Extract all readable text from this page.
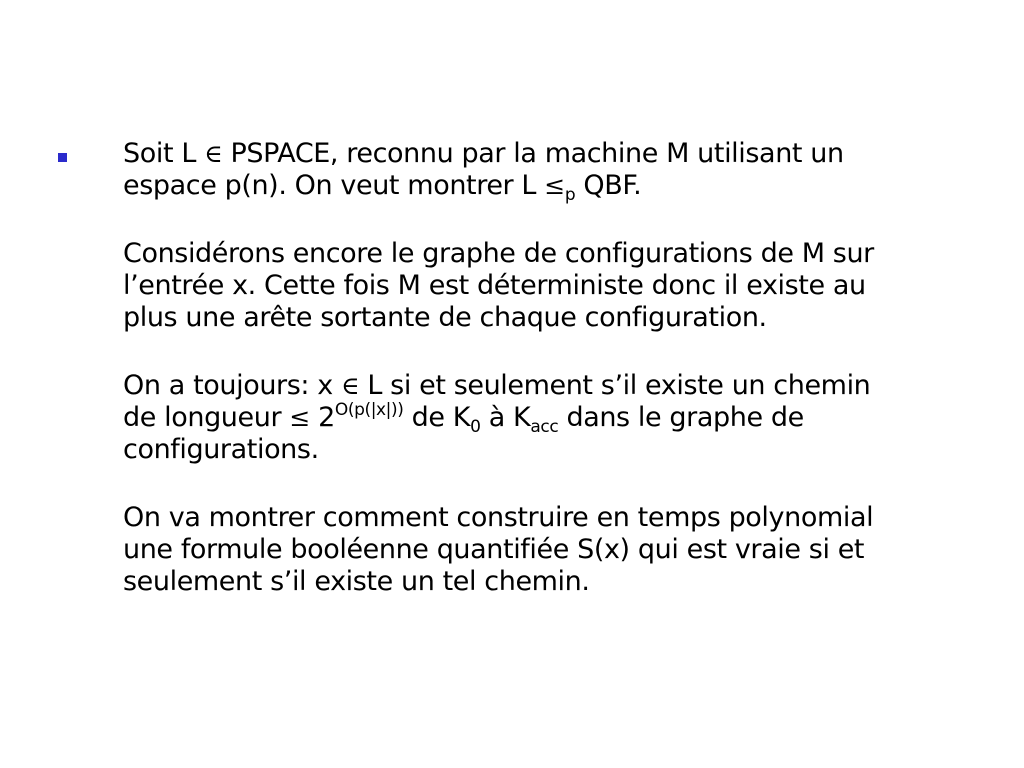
Soit L ∈ PSPACE, reconnu par la machine M utilisant un
espace p(n). On veut montrer $L \le_p$ QBF.

Considérons encore le graphe de configurations de M sur
l’entrée x. Cette fois M est déterministe donc il existe au
plus une arête sortante de chaque configuration.

On a toujours: x ∈ L si et seulement s’il existe un chemin
de longueur ≤ $2^{O(p(|x|))}$ de $K_0$ à $K_{acc}$ dans le graphe de
configurations.

On va montrer comment construire en temps polynomial
une formule booléenne quantifiée S(x) qui est vraie si et
seulement s’il existe un tel chemin.
